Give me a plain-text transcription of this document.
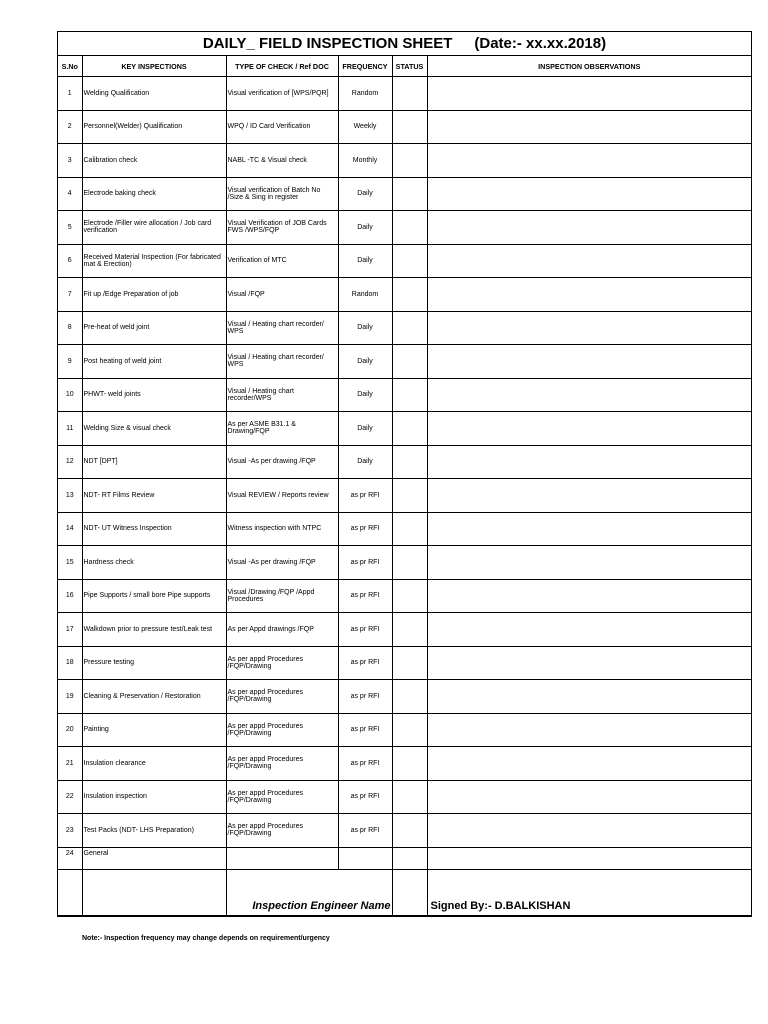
DAILY_ FIELD INSPECTION SHEET (Date:- xx.xx.2018)
S.No	KEY INSPECTIONS	TYPE OF CHECK / Ref DOC	FREQUENCY	STATUS	INSPECTION OBSERVATIONS
1	Welding Qualification	Visual verification of [WPS/PQR]	Random		
2	Personnel(Welder) Qualification	WPQ / ID Card Verification	Weekly		
3	Calibration check	NABL -TC & Visual check	Monthly		
4	Electrode baking check	Visual verification of Batch No /Size & Sing in register	Daily		
5	Electrode /Filler wire allocation / Job card verification	Visual Verification of JOB Cards FWS /WPS/FQP	Daily		
6	Received Material Inspection (For fabricated mat & Erection)	Verification of MTC	Daily		
7	Fit up /Edge Preparation of job	Visual /FQP	Random		
8	Pre-heat of weld joint	Visual / Heating chart recorder/ WPS	Daily		
9	Post heating of weld joint	Visual / Heating chart recorder/ WPS	Daily		
10	PHWT- weld joints	Visual / Heating chart recorder/WPS	Daily		
11	Welding Size & visual check	As per ASME B31.1 & Drawing/FQP	Daily		
12	NDT [DPT]	Visual -As per drawing /FQP	Daily		
13	NDT- RT Films Review	Visual REVIEW / Reports review	as pr RFI		
14	NDT- UT Witness Inspection	Witness inspection with NTPC	as pr RFI		
15	Hardness check	Visual -As per drawing /FQP	as pr RFI		
16	Pipe Supports / small bore Pipe supports	Visual /Drawing /FQP /Appd Procedures	as pr RFI		
17	Walkdown prior to pressure test/Leak test	As per Appd drawings /FQP	as pr RFI		
18	Pressure testing	As per appd Procedures /FQP/Drawing	as pr RFI		
19	Cleaning & Preservation / Restoration	As per appd Procedures /FQP/Drawing	as pr RFI		
20	Painting	As per appd Procedures /FQP/Drawing	as pr RFI		
21	Insulation clearance	As per appd Procedures /FQP/Drawing	as pr RFI		
22	Insulation inspection	As per appd Procedures /FQP/Drawing	as pr RFI		
23	Test Packs (NDT- LHS Preparation)	As per appd Procedures /FQP/Drawing	as pr RFI		
24	General				
		Inspection Engineer Name			Signed By:- D.BALKISHAN
Note:- Inspection frequency may change depends on requirement/urgency
